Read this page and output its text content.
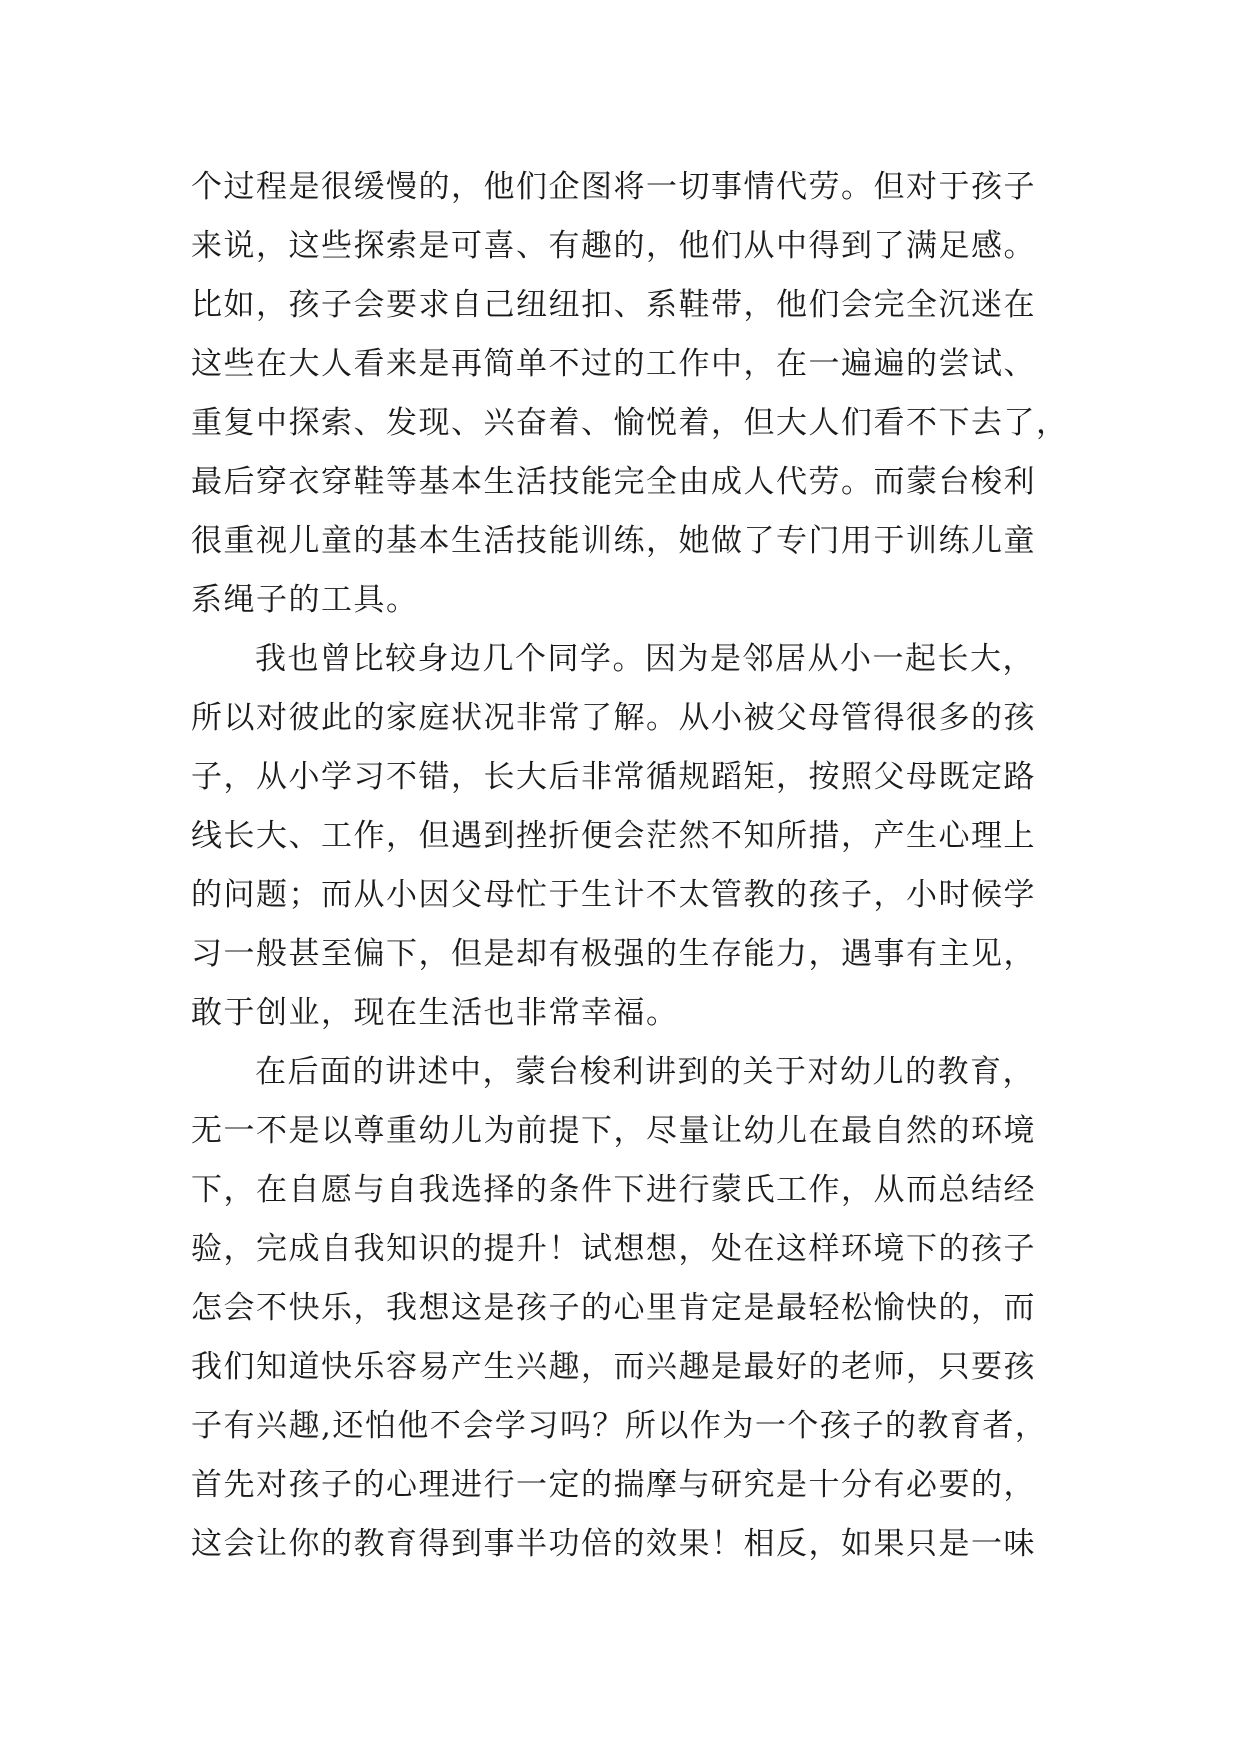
个过程是很缓慢的，他们企图将一切事情代劳。但对于孩子
来说，这些探索是可喜、有趣的，他们从中得到了满足感。
比如，孩子会要求自己纽纽扣、系鞋带，他们会完全沉迷在
这些在大人看来是再简单不过的工作中，在一遍遍的尝试、
重复中探索、发现、兴奋着、愉悦着，但大人们看不下去了，
最后穿衣穿鞋等基本生活技能完全由成人代劳。而蒙台梭利
很重视儿童的基本生活技能训练，她做了专门用于训练儿童
系绳子的工具。
我也曾比较身边几个同学。因为是邻居从小一起长大，
所以对彼此的家庭状况非常了解。从小被父母管得很多的孩
子，从小学习不错，长大后非常循规蹈矩，按照父母既定路
线长大、工作，但遇到挫折便会茫然不知所措，产生心理上
的问题；而从小因父母忙于生计不太管教的孩子，小时候学
习一般甚至偏下，但是却有极强的生存能力，遇事有主见，
敢于创业，现在生活也非常幸福。
在后面的讲述中，蒙台梭利讲到的关于对幼儿的教育，
无一不是以尊重幼儿为前提下，尽量让幼儿在最自然的环境
下，在自愿与自我选择的条件下进行蒙氏工作，从而总结经
验，完成自我知识的提升！试想想，处在这样环境下的孩子
怎会不快乐，我想这是孩子的心里肯定是最轻松愉快的，而
我们知道快乐容易产生兴趣，而兴趣是最好的老师，只要孩
子有兴趣,还怕他不会学习吗？所以作为一个孩子的教育者，
首先对孩子的心理进行一定的揣摩与研究是十分有必要的，
这会让你的教育得到事半功倍的效果！相反，如果只是一味
